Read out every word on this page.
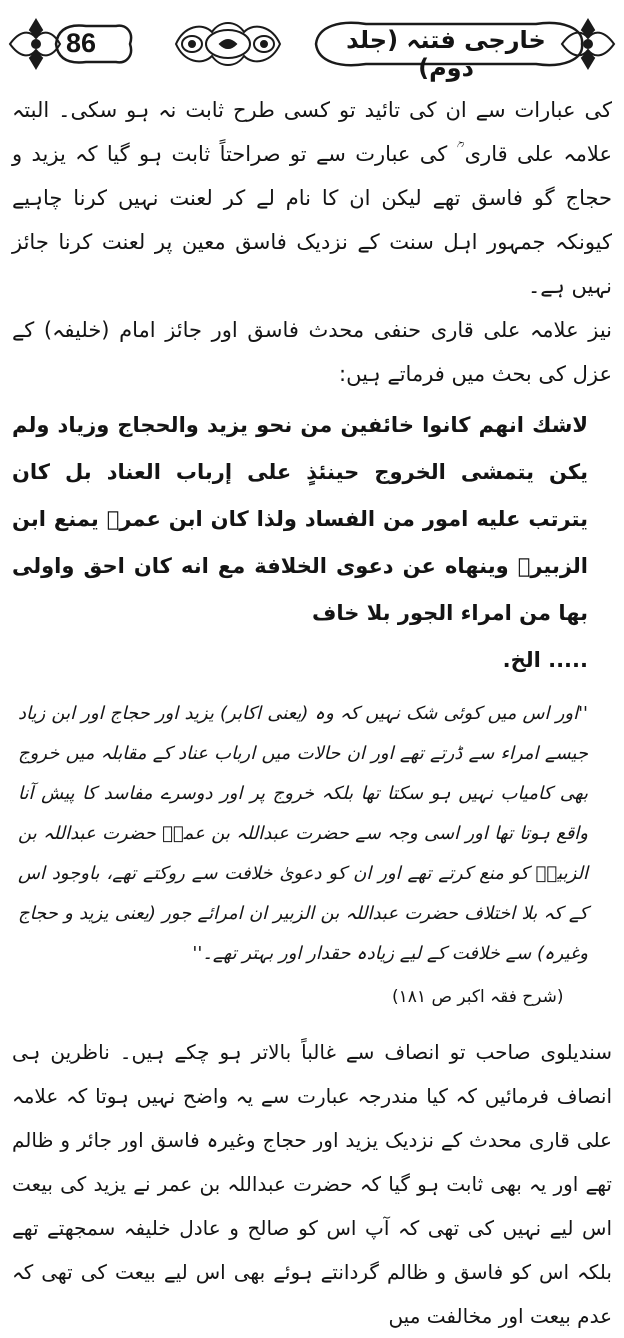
86	خارجی فتنہ (جلد دوم)

کی عبارات سے ان کی تائید تو کسی طرح ثابت نہ ہو سکی۔ البتہ علامہ علی قاری ؒ کی عبارت سے تو صراحتاً ثابت ہو گیا کہ یزید و حجاج گو فاسق تھے لیکن ان کا نام لے کر لعنت نہیں کرنا چاہیے کیونکہ جمہور اہل سنت کے نزدیک فاسق معین پر لعنت کرنا جائز نہیں ہے۔

نیز علامہ علی قاری حنفی محدث فاسق اور جائز امام (خلیفہ) کے عزل کی بحث میں فرماتے ہیں:

لاشك انهم كانوا خائفين من نحو يزيد والحجاج وزياد ولم يكن يتمشى الخروج حينئذٍ على إرباب العناد بل كان يترتب عليه امور من الفساد ولذا كان ابن عمرؓ يمنع ابن الزبيرؓ وينهاه عن دعوى الخلافة مع انه كان احق واولى بها من امراء الجور بلا خاف
..... الخ.

''اور اس میں کوئی شک نہیں کہ وہ (یعنی اکابر) یزید اور حجاج اور ابن زیاد جیسے امراء سے ڈرتے تھے اور ان حالات میں ارباب عناد کے مقابلہ میں خروج بھی کامیاب نہیں ہو سکتا تھا بلکہ خروج پر اور دوسرے مفاسد کا پیش آنا واقع ہوتا تھا اور اسی وجہ سے حضرت عبداللہ بن عمرؓ حضرت عبداللہ بن الزبیرؓ کو منع کرتے تھے اور ان کو دعویٰ خلافت سے روکتے تھے، باوجود اس کے کہ بلا اختلاف حضرت عبداللہ بن الزبیر ان امرائے جور (یعنی یزید و حجاج وغیرہ) سے خلافت کے لیے زیادہ حقدار اور بہتر تھے۔''

(شرح فقہ اکبر ص ۱۸۱)

سندیلوی صاحب تو انصاف سے غالباً بالاتر ہو چکے ہیں۔ ناظرین ہی انصاف فرمائیں کہ کیا مندرجہ عبارت سے یہ واضح نہیں ہوتا کہ علامہ علی قاری محدث کے نزدیک یزید اور حجاج وغیرہ فاسق اور جائر و ظالم تھے اور یہ بھی ثابت ہو گیا کہ حضرت عبداللہ بن عمر نے یزید کی بیعت اس لیے نہیں کی تھی کہ آپ اس کو صالح و عادل خلیفہ سمجھتے تھے بلکہ اس کو فاسق و ظالم گردانتے ہوئے بھی اس لیے بیعت کی تھی کہ عدم بیعت اور مخالفت میں
